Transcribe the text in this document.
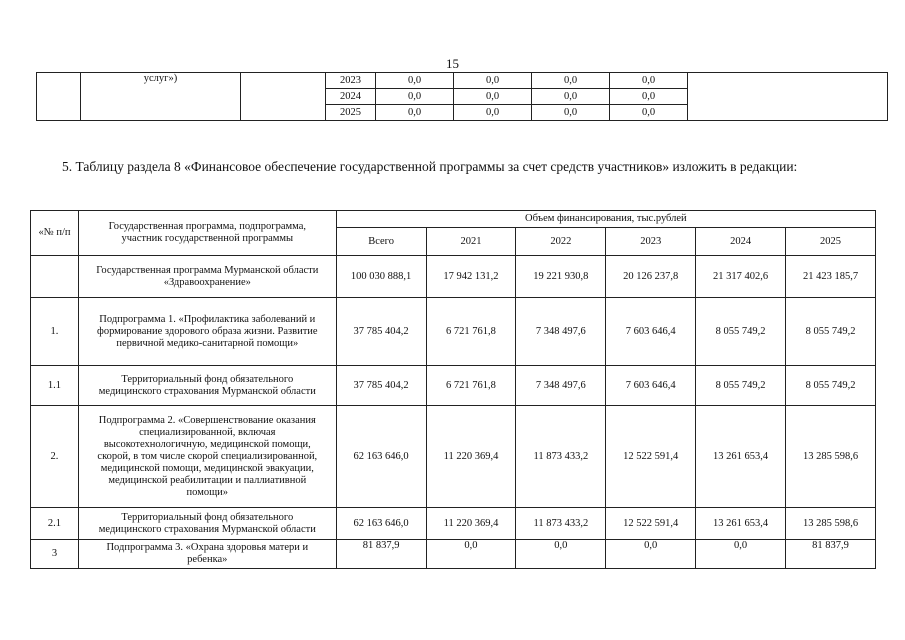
15
	услуг»)		2023	0,0	0,0	0,0	0,0	
			2024	0,0	0,0	0,0	0,0	
			2025	0,0	0,0	0,0	0,0	
5. Таблицу раздела 8 «Финансовое обеспечение государственной программы за счет средств участников» изложить в редакции:
«№ п/п	Государственная программа, подпрограмма, участник государственной программы	Объем финансирования, тыс.рублей					
		Всего	2021	2022	2023	2024	2025
	Государственная программа Мурманской области «Здравоохранение»	100 030 888,1	17 942 131,2	19 221 930,8	20 126 237,8	21 317 402,6	21 423 185,7
1.	Подпрограмма 1. «Профилактика заболеваний и формирование здорового образа жизни. Развитие первичной медико-санитарной помощи»	37 785 404,2	6 721 761,8	7 348 497,6	7 603 646,4	8 055 749,2	8 055 749,2
1.1	Территориальный фонд обязательного медицинского страхования Мурманской области	37 785 404,2	6 721 761,8	7 348 497,6	7 603 646,4	8 055 749,2	8 055 749,2
2.	Подпрограмма 2. «Совершенствование оказания специализированной, включая высокотехнологичную, медицинской помощи, скорой, в том числе скорой специализированной, медицинской помощи, медицинской эвакуации, медицинской реабилитации и паллиативной помощи»	62 163 646,0	11 220 369,4	11 873 433,2	12 522 591,4	13 261 653,4	13 285 598,6
2.1	Территориальный фонд обязательного медицинского страхования Мурманской области	62 163 646,0	11 220 369,4	11 873 433,2	12 522 591,4	13 261 653,4	13 285 598,6
3	Подпрограмма 3. «Охрана здоровья матери и ребенка»	81 837,9	0,0	0,0	0,0	0,0	81 837,9
